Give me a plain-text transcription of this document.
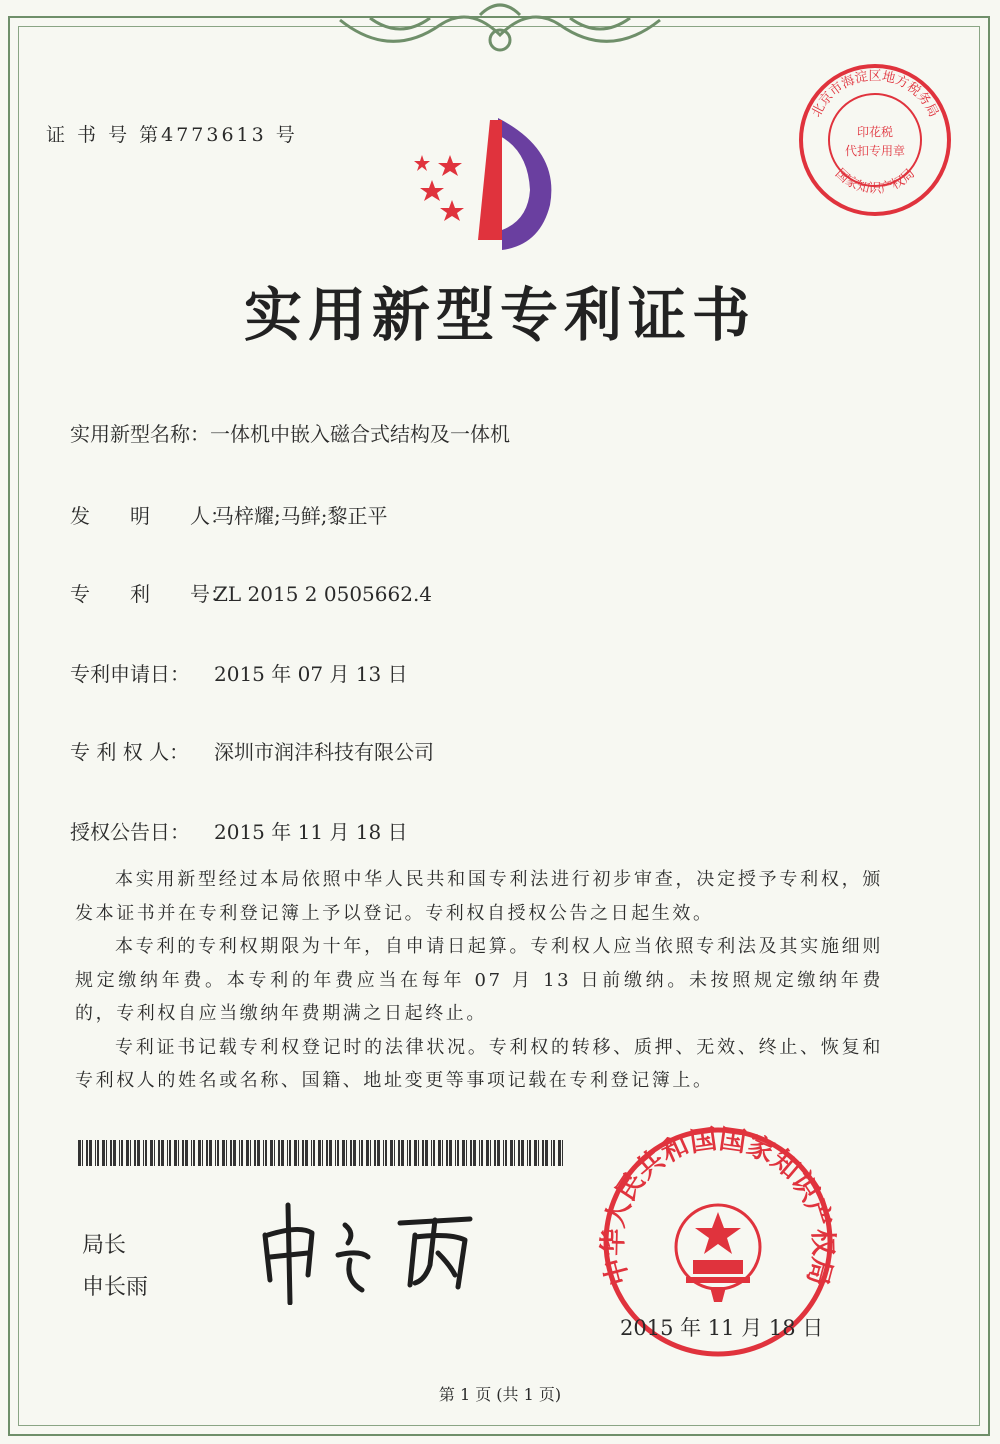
证 书 号 第4773613 号
北京市海淀区地方税务局
国家知识产权局
印花税
代扣专用章
实用新型专利证书
实用新型名称：一体机中嵌入磁合式结构及一体机
发　　明　　人：马梓耀;马鲜;黎正平
专　　利　　号：ZL 2015 2 0505662.4
专利申请日： 2015 年 07 月 13 日
专 利 权 人： 深圳市润沣科技有限公司
授权公告日： 2015 年 11 月 18 日

本实用新型经过本局依照中华人民共和国专利法进行初步审查，决定授予专利权，颁发本证书并在专利登记簿上予以登记。专利权自授权公告之日起生效。

本专利的专利权期限为十年，自申请日起算。专利权人应当依照专利法及其实施细则规定缴纳年费。本专利的年费应当在每年 07 月 13 日前缴纳。未按照规定缴纳年费的，专利权自应当缴纳年费期满之日起终止。

专利证书记载专利权登记时的法律状况。专利权的转移、质押、无效、终止、恢复和专利权人的姓名或名称、国籍、地址变更等事项记载在专利登记簿上。

局长
申长雨	中华人民共和国国家知识产权局
2015 年 11 月 18 日
第 1 页 (共 1 页)
